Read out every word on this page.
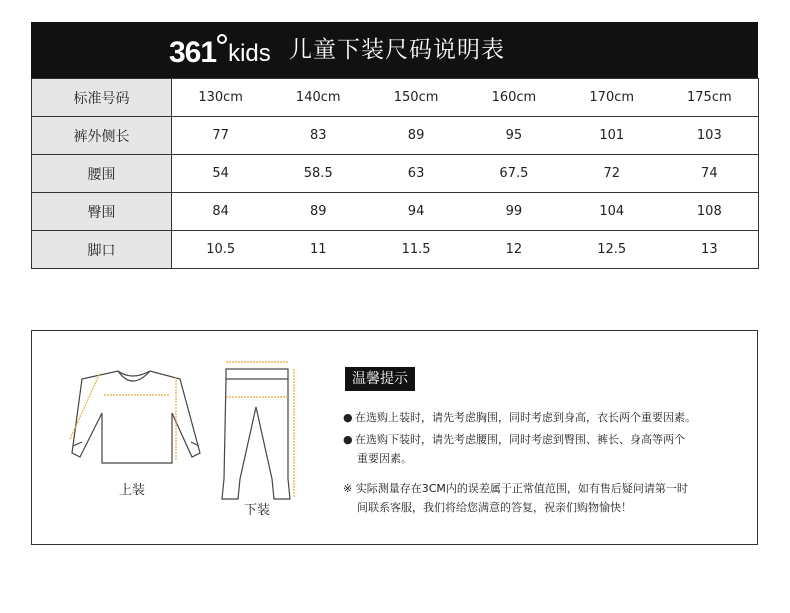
361 kids 儿童下装尺码说明表
标准号码	130cm	140cm	150cm	160cm	170cm	175cm
裤外侧长	77	83	89	95	101	103
腰围	54	58.5	63	67.5	72	74
臀围	84	89	94	99	104	108
脚口	10.5	11	11.5	12	12.5	13
上装
下装
温馨提示
● 在选购上装时，请先考虑胸围，同时考虑到身高，衣长两个重要因素。
● 在选购下装时，请先考虑腰围，同时考虑到臀围、裤长、身高等两个
重要因素。
※ 实际测量存在3CM内的误差属于正常值范围，如有售后疑问请第一时
间联系客服，我们将给您满意的答复，祝亲们购物愉快！
